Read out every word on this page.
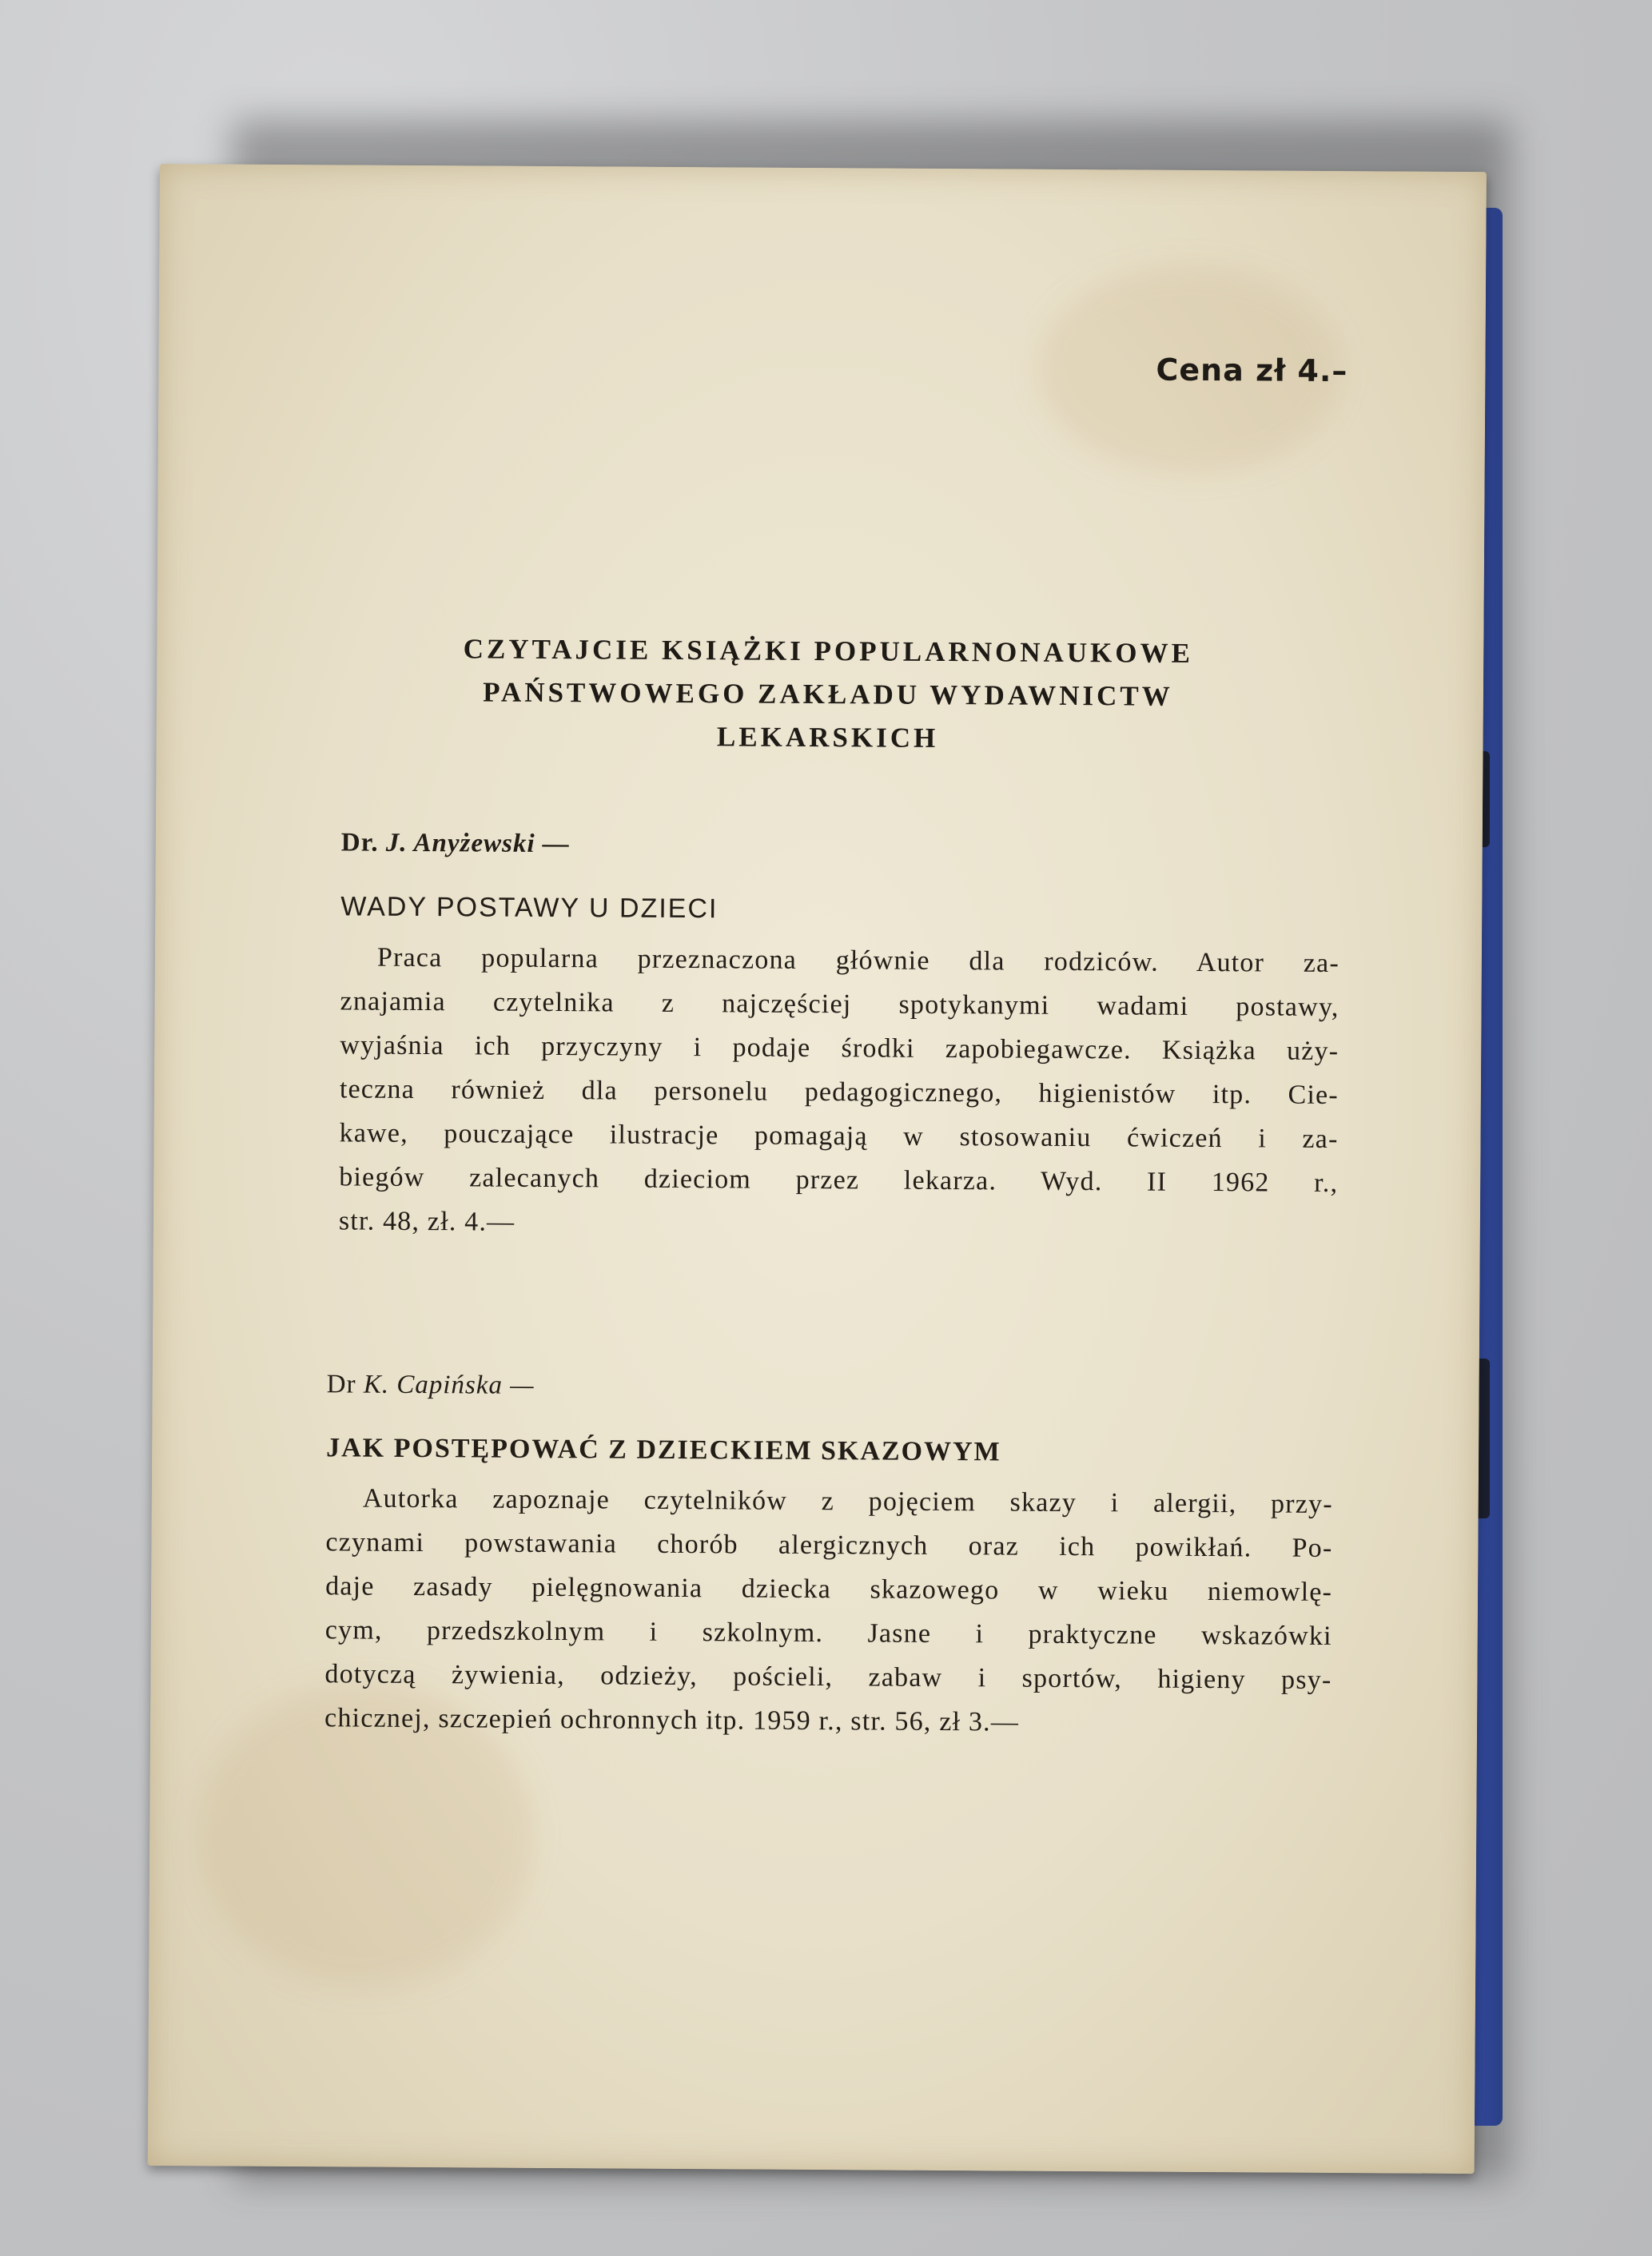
Cena zł 4.–
CZYTAJCIE KSIĄŻKI POPULARNONAUKOWE
PAŃSTWOWEGO ZAKŁADU WYDAWNICTW
LEKARSKICH

Dr. J. Anyżewski —

WADY POSTAWY U DZIECI
Praca popularna przeznaczona głównie dla rodziców. Autor za-
znajamia czytelnika z najczęściej spotykanymi wadami postawy,
wyjaśnia ich przyczyny i podaje środki zapobiegawcze. Książka uży-
teczna również dla personelu pedagogicznego, higienistów itp. Cie-
kawe, pouczające ilustracje pomagają w stosowaniu ćwiczeń i za-
biegów zalecanych dzieciom przez lekarza. Wyd. II 1962 r.,
str. 48, zł. 4.—

Dr K. Capińska —

JAK POSTĘPOWAĆ Z DZIECKIEM SKAZOWYM
Autorka zapoznaje czytelników z pojęciem skazy i alergii, przy-
czynami powstawania chorób alergicznych oraz ich powikłań. Po-
daje zasady pielęgnowania dziecka skazowego w wieku niemowlę-
cym, przedszkolnym i szkolnym. Jasne i praktyczne wskazówki
dotyczą żywienia, odzieży, pościeli, zabaw i sportów, higieny psy-
chicznej, szczepień ochronnych itp. 1959 r., str. 56, zł 3.—
